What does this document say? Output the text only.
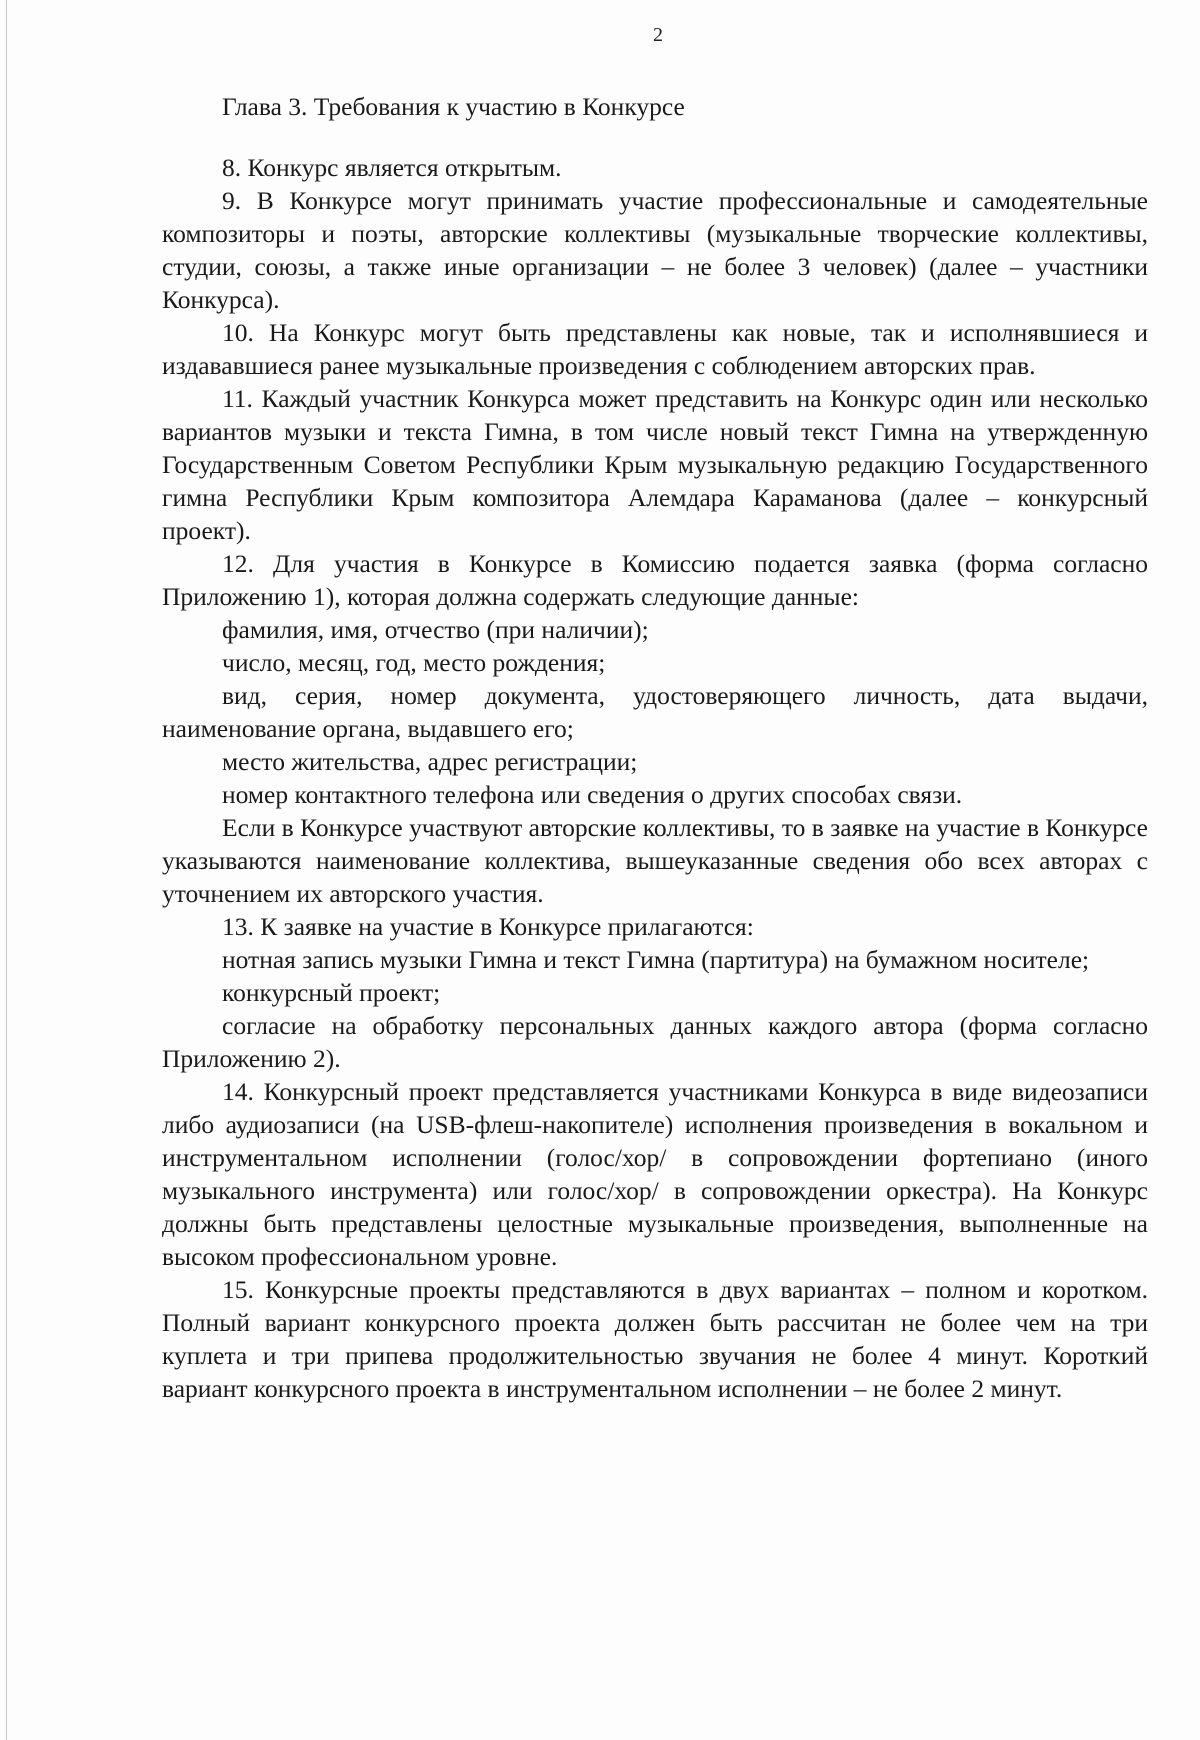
2

Глава 3. Требования к участию в Конкурсе

8. Конкурс является открытым.

9. В Конкурсе могут принимать участие профессиональные и самодеятельные композиторы и поэты, авторские коллективы (музыкальные творческие коллективы, студии, союзы, а также иные организации – не более 3 человек) (далее – участники Конкурса).

10. На Конкурс могут быть представлены как новые, так и исполнявшиеся и издававшиеся ранее музыкальные произведения с соблюдением авторских прав.

11. Каждый участник Конкурса может представить на Конкурс один или несколько вариантов музыки и текста Гимна, в том числе новый текст Гимна на утвержденную Государственным Советом Республики Крым музыкальную редакцию Государственного гимна Республики Крым композитора Алемдара Караманова (далее – конкурсный проект).

12. Для участия в Конкурсе в Комиссию подается заявка (форма согласно Приложению 1), которая должна содержать следующие данные:

фамилия, имя, отчество (при наличии);

число, месяц, год, место рождения;

вид, серия, номер документа, удостоверяющего личность, дата выдачи, наименование органа, выдавшего его;

место жительства, адрес регистрации;

номер контактного телефона или сведения о других способах связи.

Если в Конкурсе участвуют авторские коллективы, то в заявке на участие в Конкурсе указываются наименование коллектива, вышеуказанные сведения обо всех авторах с уточнением их авторского участия.

13. К заявке на участие в Конкурсе прилагаются:

нотная запись музыки Гимна и текст Гимна (партитура) на бумажном носителе;

конкурсный проект;

согласие на обработку персональных данных каждого автора (форма согласно Приложению 2).

14. Конкурсный проект представляется участниками Конкурса в виде видеозаписи либо аудиозаписи (на USB-флеш-накопителе) исполнения произведения в вокальном и инструментальном исполнении (голос/хор/ в сопровождении фортепиано (иного музыкального инструмента) или голос/хор/ в сопровождении оркестра). На Конкурс должны быть представлены целостные музыкальные произведения, выполненные на высоком профессиональном уровне.

15. Конкурсные проекты представляются в двух вариантах – полном и коротком. Полный вариант конкурсного проекта должен быть рассчитан не более чем на три куплета и три припева продолжительностью звучания не более 4 минут. Короткий вариант конкурсного проекта в инструментальном исполнении – не более 2 минут.
